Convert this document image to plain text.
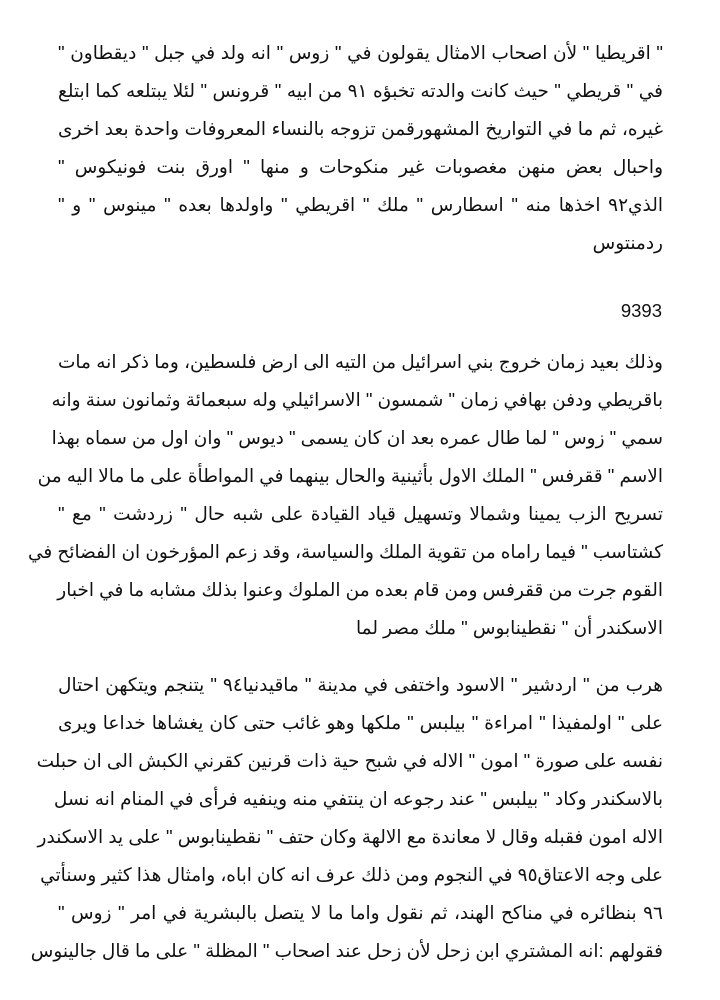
" اقريطيا " لأن اصحاب الامثال يقولون في " زوس " انه ولد في جبل " ديقطاون "
في " قريطي " حيث كانت والدته تخبؤه ٩١ من ابيه " قرونس " لئلا يبتلعه كما ابتلع
غيره، ثم ما في التواريخ المشهورقمن تزوجه بالنساء المعروفات واحدة بعد اخرى
واحبال بعض منهن مغصوبات غير منكوحات و منها " اورق بنت فونيكوس "
الذي٩٢ اخذها منه " اسطارس " ملك " اقريطي " واولدها بعده " مينوس " و "
ردمنتوس
9393
وذلك بعيد زمان خروج بني اسرائيل من التيه الى ارض فلسطين، وما ذكر انه مات
باقريطي ودفن بهافي زمان " شمسون " الاسرائيلي وله سبعمائة وثمانون سنة وانه
سمي " زوس " لما طال عمره بعد ان كان يسمى " ديوس " وان اول من سماه بهذا
الاسم " ققرفس " الملك الاول بأثينية والحال بينهما في المواطأة على ما مالا اليه من
تسريح الزب يمينا وشمالا وتسهيل قياد القيادة على شبه حال " زردشت " مع "
كشتاسب " فيما راماه من تقوية الملك والسياسة، وقد زعم المؤرخون ان الفضائح في
القوم جرت من ققرفس ومن قام بعده من الملوك وعنوا بذلك مشابه ما في اخبار
الاسكندر أن " نقطينابوس " ملك مصر لما
هرب من " اردشير " الاسود واختفى في مدينة " ماقيدنيا٩٤ " يتنجم ويتكهن احتال
على " اولمفيذا " امراءة " بيلبس " ملكها وهو غائب حتى كان يغشاها خداعا ويرى
نفسه على صورة " امون " الاله في شبح حية ذات قرنين كقرني الكبش الى ان حبلت
بالاسكندر وكاد " بيلبس " عند رجوعه ان ينتفي منه وينفيه فرأى في المنام انه نسل
الاله امون فقبله وقال لا معاندة مع الالهة وكان حتف " نقطينابوس " على يد الاسكندر
على وجه الاعتاق٩٥ في النجوم ومن ذلك عرف انه كان اباه، وامثال هذا كثير وسنأتي
٩٦ بنظائره في مناكح الهند، ثم نقول واما ما لا يتصل بالبشرية في امر " زوس "
فقولهم :انه المشتري ابن زحل لأن زحل عند اصحاب " المظلة " على ما قال جالينوس
